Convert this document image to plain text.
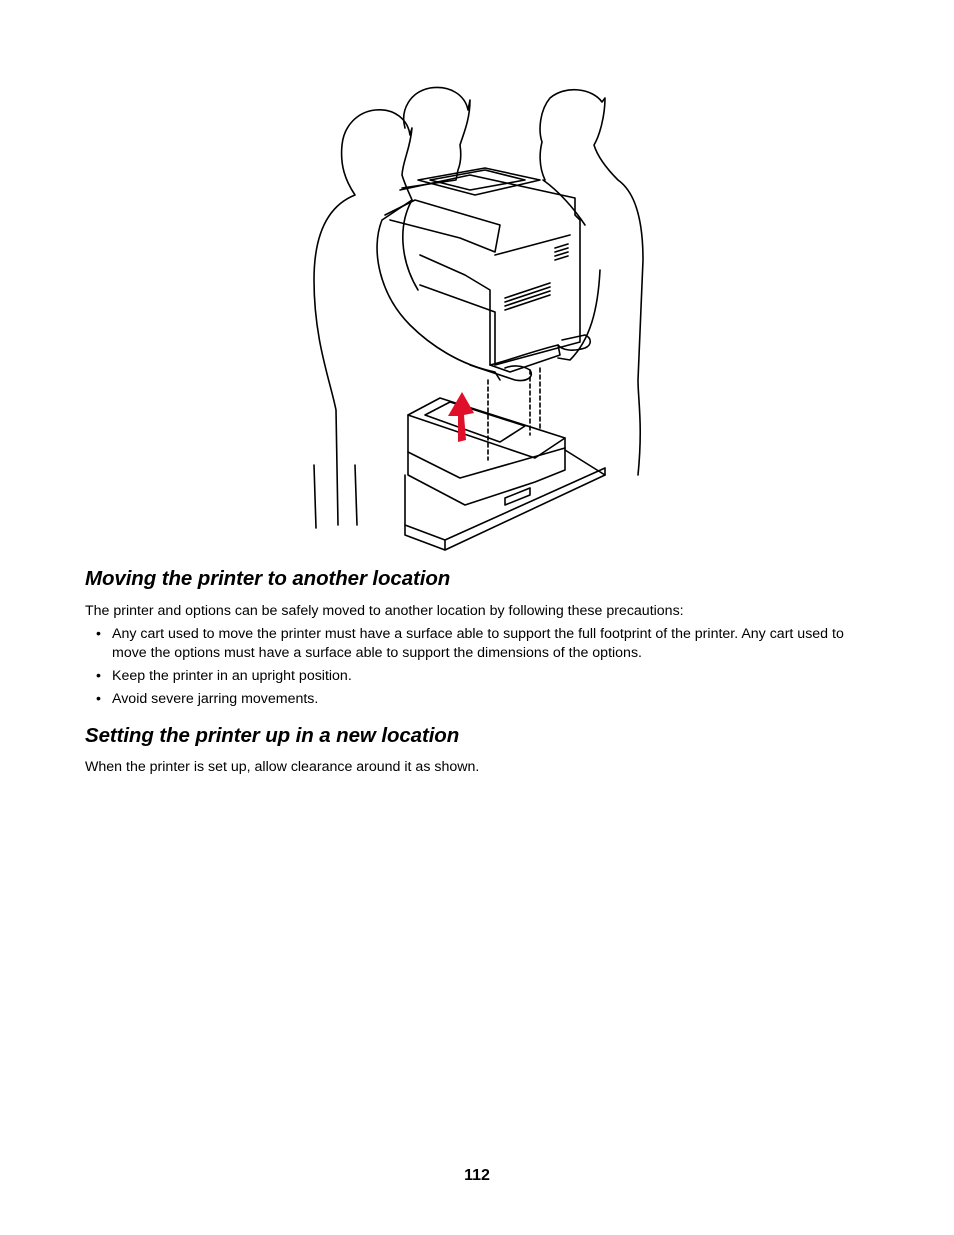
Moving the printer to another location

The printer and options can be safely moved to another location by following these precautions:

• Any cart used to move the printer must have a surface able to support the full footprint of the printer. Any cart used to move the options must have a surface able to support the dimensions of the options.
• Keep the printer in an upright position.
• Avoid severe jarring movements.
Setting the printer up in a new location

When the printer is set up, allow clearance around it as shown.

112
